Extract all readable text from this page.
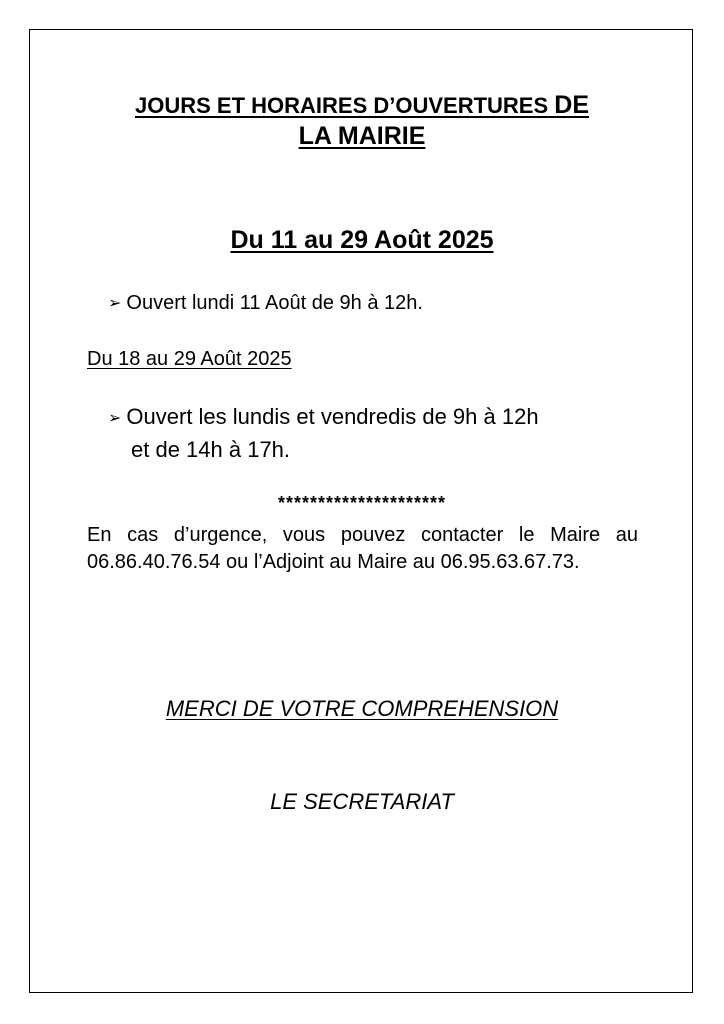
JOURS ET HORAIRES D’OUVERTURES DE
LA MAIRIE
Du 11 au 29 Août 2025
➢ Ouvert lundi 11 Août de 9h à 12h.
Du 18 au 29 Août 2025
➢ Ouvert les lundis et vendredis de 9h à 12h
et de 14h à 17h.
*********************
En cas d’urgence, vous pouvez contacter le Maire au 06.86.40.76.54 ou l’Adjoint au Maire au 06.95.63.67.73.
MERCI DE VOTRE COMPREHENSION
LE SECRETARIAT
